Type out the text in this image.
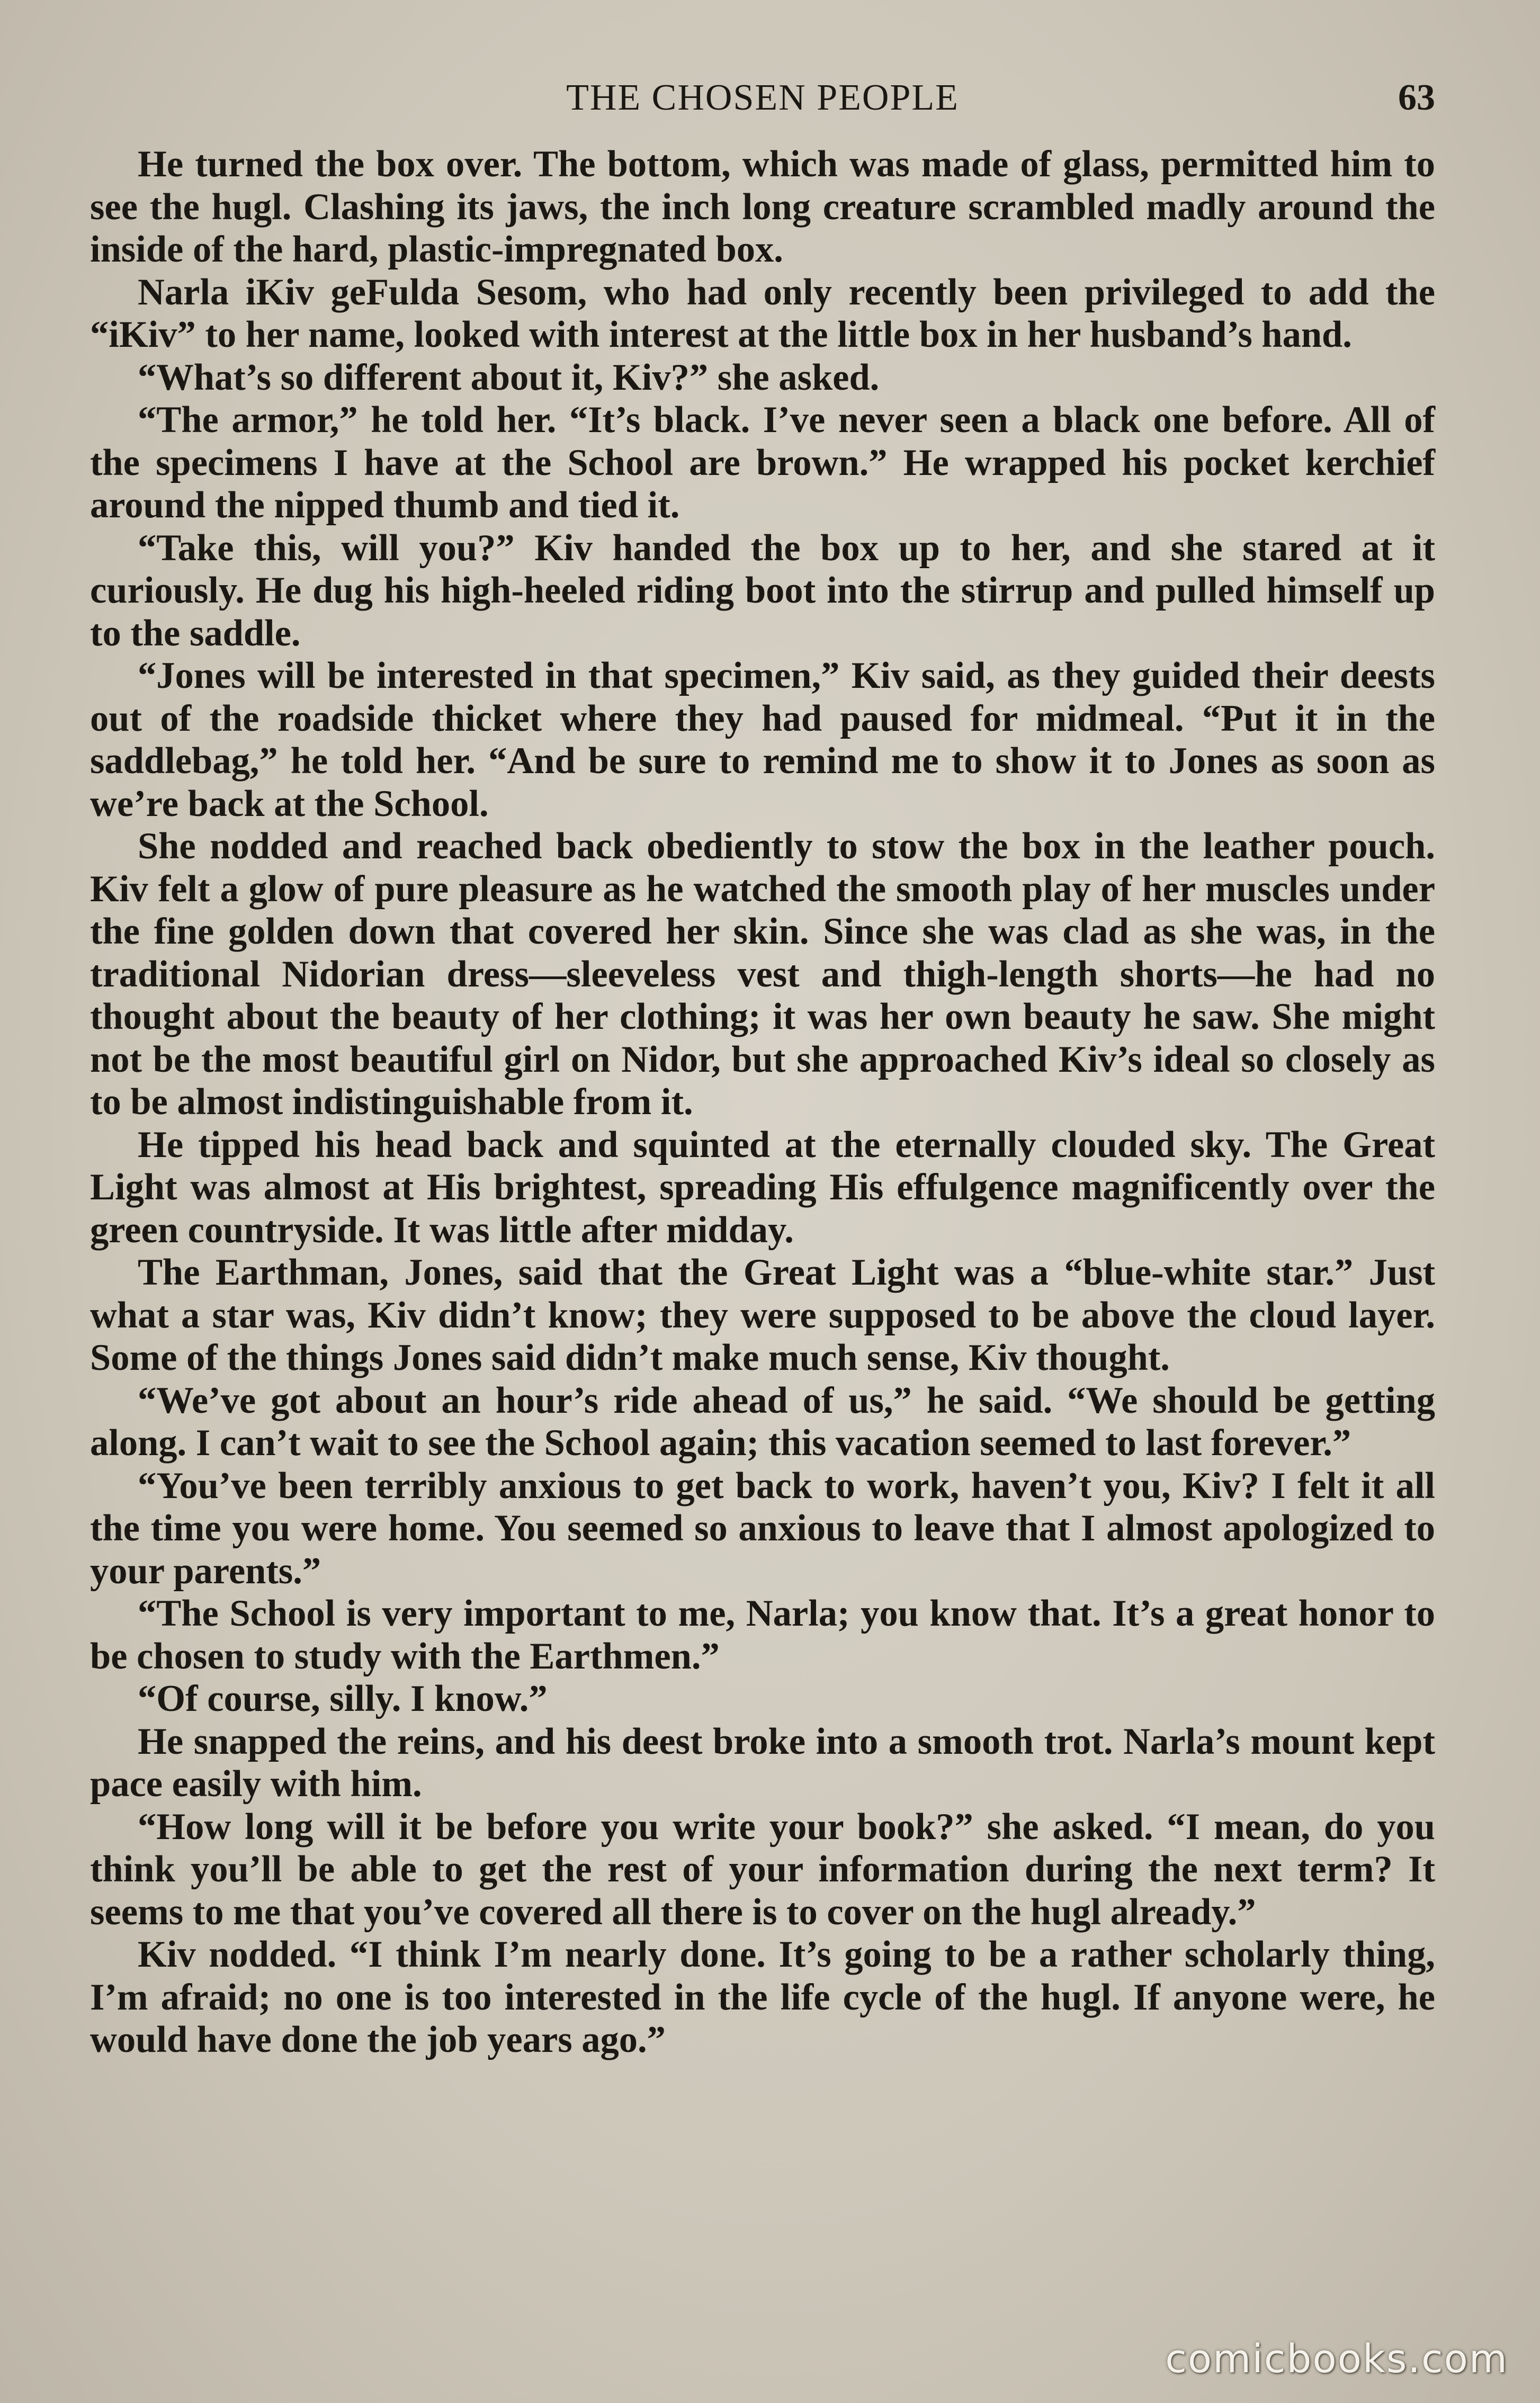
THE CHOSEN PEOPLE	63

He turned the box over. The bottom, which was made of glass, permitted him to see the hugl. Clashing its jaws, the inch long creature scrambled madly around the inside of the hard, plastic-impregnated box.

Narla iKiv geFulda Sesom, who had only recently been privileged to add the “iKiv” to her name, looked with interest at the little box in her husband’s hand.

“What’s so different about it, Kiv?” she asked.

“The armor,” he told her. “It’s black. I’ve never seen a black one before. All of the specimens I have at the School are brown.” He wrapped his pocket kerchief around the nipped thumb and tied it.

“Take this, will you?” Kiv handed the box up to her, and she stared at it curiously. He dug his high-heeled riding boot into the stirrup and pulled himself up to the saddle.

“Jones will be interested in that specimen,” Kiv said, as they guided their deests out of the roadside thicket where they had paused for midmeal. “Put it in the saddlebag,” he told her. “And be sure to remind me to show it to Jones as soon as we’re back at the School.

She nodded and reached back obediently to stow the box in the leather pouch. Kiv felt a glow of pure pleasure as he watched the smooth play of her muscles under the fine golden down that covered her skin. Since she was clad as she was, in the traditional Nidorian dress—sleeveless vest and thigh-length shorts—he had no thought about the beauty of her clothing; it was her own beauty he saw. She might not be the most beautiful girl on Nidor, but she approached Kiv’s ideal so closely as to be almost indistinguishable from it.

He tipped his head back and squinted at the eternally clouded sky. The Great Light was almost at His brightest, spreading His effulgence magnificently over the green countryside. It was little after midday.

The Earthman, Jones, said that the Great Light was a “blue-white star.” Just what a star was, Kiv didn’t know; they were supposed to be above the cloud layer. Some of the things Jones said didn’t make much sense, Kiv thought.

“We’ve got about an hour’s ride ahead of us,” he said. “We should be getting along. I can’t wait to see the School again; this vacation seemed to last forever.”

“You’ve been terribly anxious to get back to work, haven’t you, Kiv? I felt it all the time you were home. You seemed so anxious to leave that I almost apologized to your parents.”

“The School is very important to me, Narla; you know that. It’s a great honor to be chosen to study with the Earthmen.”

“Of course, silly. I know.”

He snapped the reins, and his deest broke into a smooth trot. Narla’s mount kept pace easily with him.

“How long will it be before you write your book?” she asked. “I mean, do you think you’ll be able to get the rest of your information during the next term? It seems to me that you’ve covered all there is to cover on the hugl already.”

Kiv nodded. “I think I’m nearly done. It’s going to be a rather scholarly thing, I’m afraid; no one is too interested in the life cycle of the hugl. If anyone were, he would have done the job years ago.”

comicbooks.com
